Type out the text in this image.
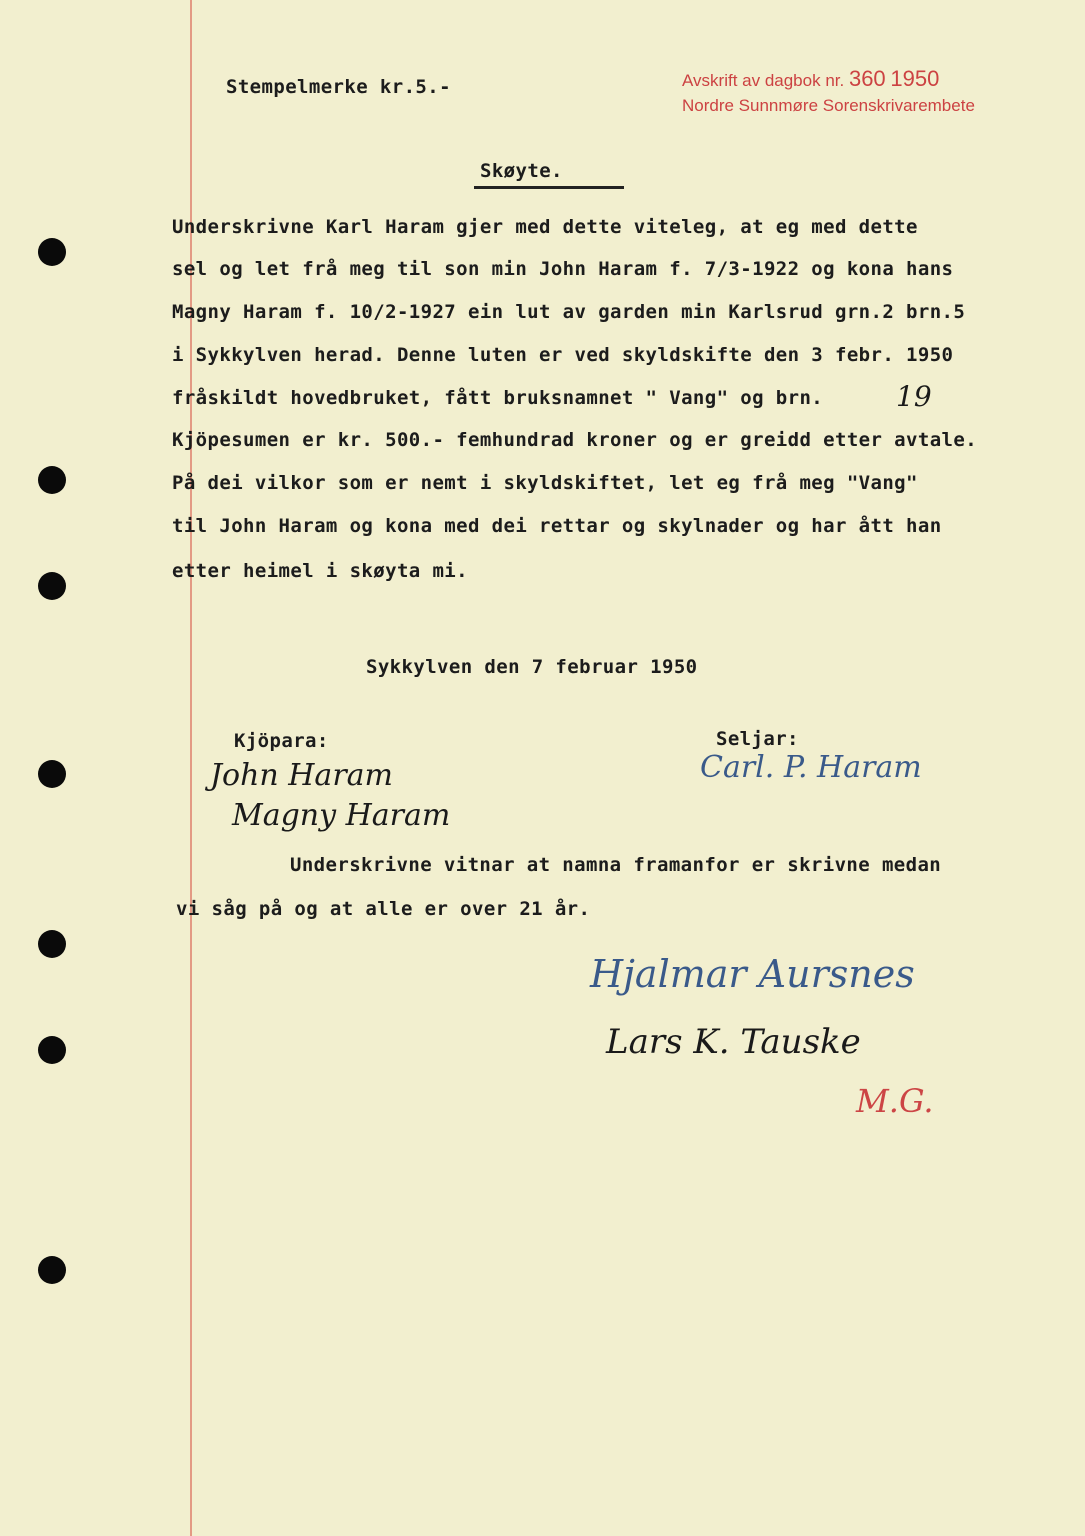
Stempelmerke kr.5.-	Avskrift av dagbok nr. 360 1950
Nordre Sunnmøre Sorenskrivarembete
Skøyte.
Underskrivne Karl Haram gjer med dette viteleg, at eg med dette
sel og let frå meg til son min John Haram f. 7/3-1922 og kona hans
Magny Haram f. 10/2-1927 ein lut av garden min Karlsrud grn.2 brn.5
i Sykkylven herad. Denne luten er ved skyldskifte den 3 febr. 1950
fråskildt hovedbruket, fått bruksnamnet " Vang" og brn.	19
Kjöpesumen er kr. 500.- femhundrad kroner og er greidd etter avtale.
På dei vilkor som er nemt i skyldskiftet, let eg frå meg "Vang"
til John Haram og kona med dei rettar og skylnader og har ått han
etter heimel i skøyta mi.
Sykkylven den 7 februar 1950
Kjöpara:	Seljar:
John Haram
Magny Haram
Carl. P. Haram
Underskrivne vitnar at namna framanfor er skrivne medan
vi såg på og at alle er over 21 år.
Hjalmar Aursnes
Lars K. Tauske
M.G.
